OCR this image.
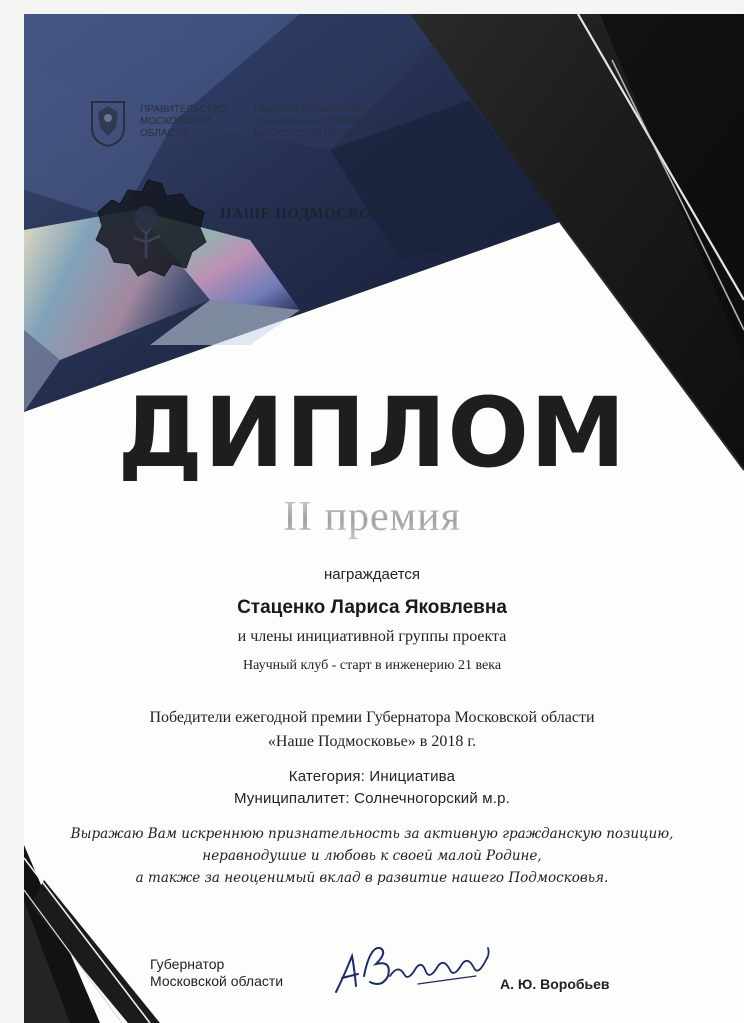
ПРАВИТЕЛЬСТВО
МОСКОВСКОЙ
ОБЛАСТИ
ГЛАВНОЕ УПРАВЛЕНИЕ
СОЦИАЛЬНЫХ КОММУНИКАЦИЙ
МОСКОВСКОЙ ОБЛАСТИ
НАШЕ ПОДМОСКОВЬЕ
Премия Губернатора Московской области
ДИПЛОМ
II премия
награждается
Стаценко Лариса Яковлевна
и члены инициативной группы проекта
Научный клуб - старт в инженерию 21 века
Победители ежегодной премии Губернатора Московской области
«Наше Подмосковье» в 2018 г.
Категория: Инициатива
Муниципалитет: Солнечногорский м.р.
Выражаю Вам искреннюю признательность за активную гражданскую позицию,
неравнодушие и любовь к своей малой Родине,
а также за неоценимый вклад в развитие нашего Подмосковья.
Губернатор
Московской области	А. Ю. Воробьев
